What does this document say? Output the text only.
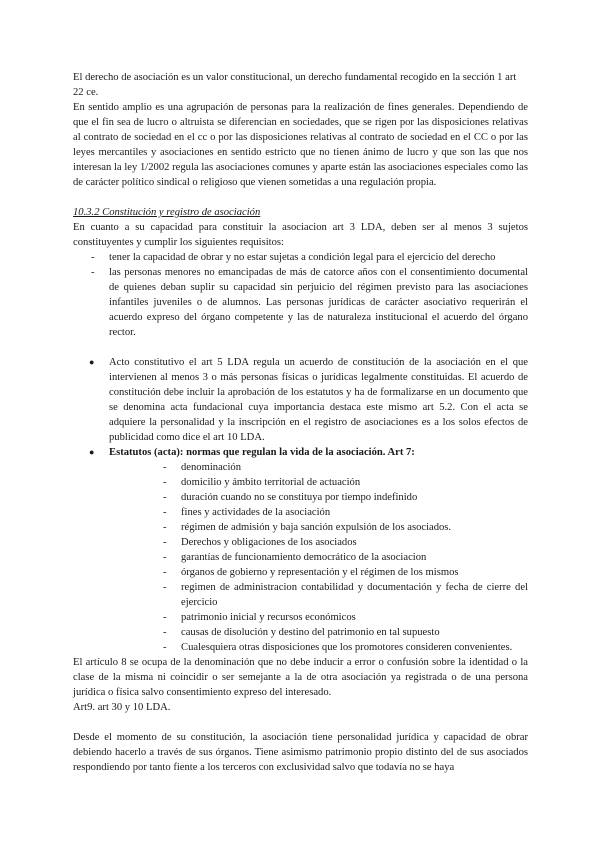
El derecho de asociación es un valor constitucional, un derecho fundamental recogido en la sección 1 art 22 ce.

En sentido amplio es una agrupación de personas para la realización de fines generales. Dependiendo de que el fin sea de lucro o altruista se diferencian en sociedades, que se rigen por las disposiciones relativas al contrato de sociedad en el cc o por las disposiciones relativas al contrato de sociedad en el CC o por las leyes mercantiles y asociaciones en sentido estricto que no tienen ánimo de lucro y que son las que nos interesan la ley 1/2002 regula las asociaciones comunes y aparte están las asociaciones especiales como las de carácter político sindical o religioso que vienen sometidas a una regulación propia.

10.3.2 Constitución y registro de asociación

En cuanto a su capacidad para constituir la asociacion art 3 LDA, deben ser al menos 3 sujetos constituyentes y cumplir los siguientes requisitos:

- tener la capacidad de obrar y no estar sujetas a condición legal para el ejercicio del derecho
- las personas menores no emancipadas de más de catorce años con el consentimiento documental de quienes deban suplir su capacidad sin perjuicio del régimen previsto para las asociaciones infantiles juveniles o de alumnos. Las personas jurídicas de carácter asociativo requerirán el acuerdo expreso del órgano competente y las de naturaleza institucional el acuerdo del órgano rector.
● Acto constitutivo el art 5 LDA regula un acuerdo de constitución de la asociación en el que intervienen al menos 3 o más personas físicas o jurídicas legalmente constituidas. El acuerdo de constitución debe incluir la aprobación de los estatutos y ha de formalizarse en un documento que se denomina acta fundacional cuya importancia destaca este mismo art 5.2. Con el acta se adquiere la personalidad y la inscripción en el registro de asociaciones es a los solos efectos de publicidad como dice el art 10 LDA.
● Estatutos (acta): normas que regulan la vida de la asociación. Art 7:
- denominación
- domicilio y ámbito territorial de actuación
- duración cuando no se constituya por tiempo indefinido
- fines y actividades de la asociación
- régimen de admisión y baja sanción expulsión de los asociados.
- Derechos y obligaciones de los asociados
- garantías de funcionamiento democrático de la asociacion
- órganos de gobierno y representación y el régimen de los mismos
- regimen de administracion contabilidad y documentación y fecha de cierre del ejercicio
- patrimonio inicial y recursos económicos
- causas de disolución y destino del patrimonio en tal supuesto
- Cualesquiera otras disposiciones que los promotores consideren convenientes.

El artículo 8 se ocupa de la denominación que no debe inducir a error o confusión sobre la identidad o la clase de la misma ni coincidir o ser semejante a la de otra asociación ya registrada o de una persona jurídica o física salvo consentimiento expreso del interesado.

Art9. art 30 y 10 LDA.

Desde el momento de su constitución, la asociación tiene personalidad jurídica y capacidad de obrar debiendo hacerlo a través de sus órganos. Tiene asimismo patrimonio propio distinto del de sus asociados respondiendo por tanto fiente a los terceros con exclusividad salvo que todavía no se haya
